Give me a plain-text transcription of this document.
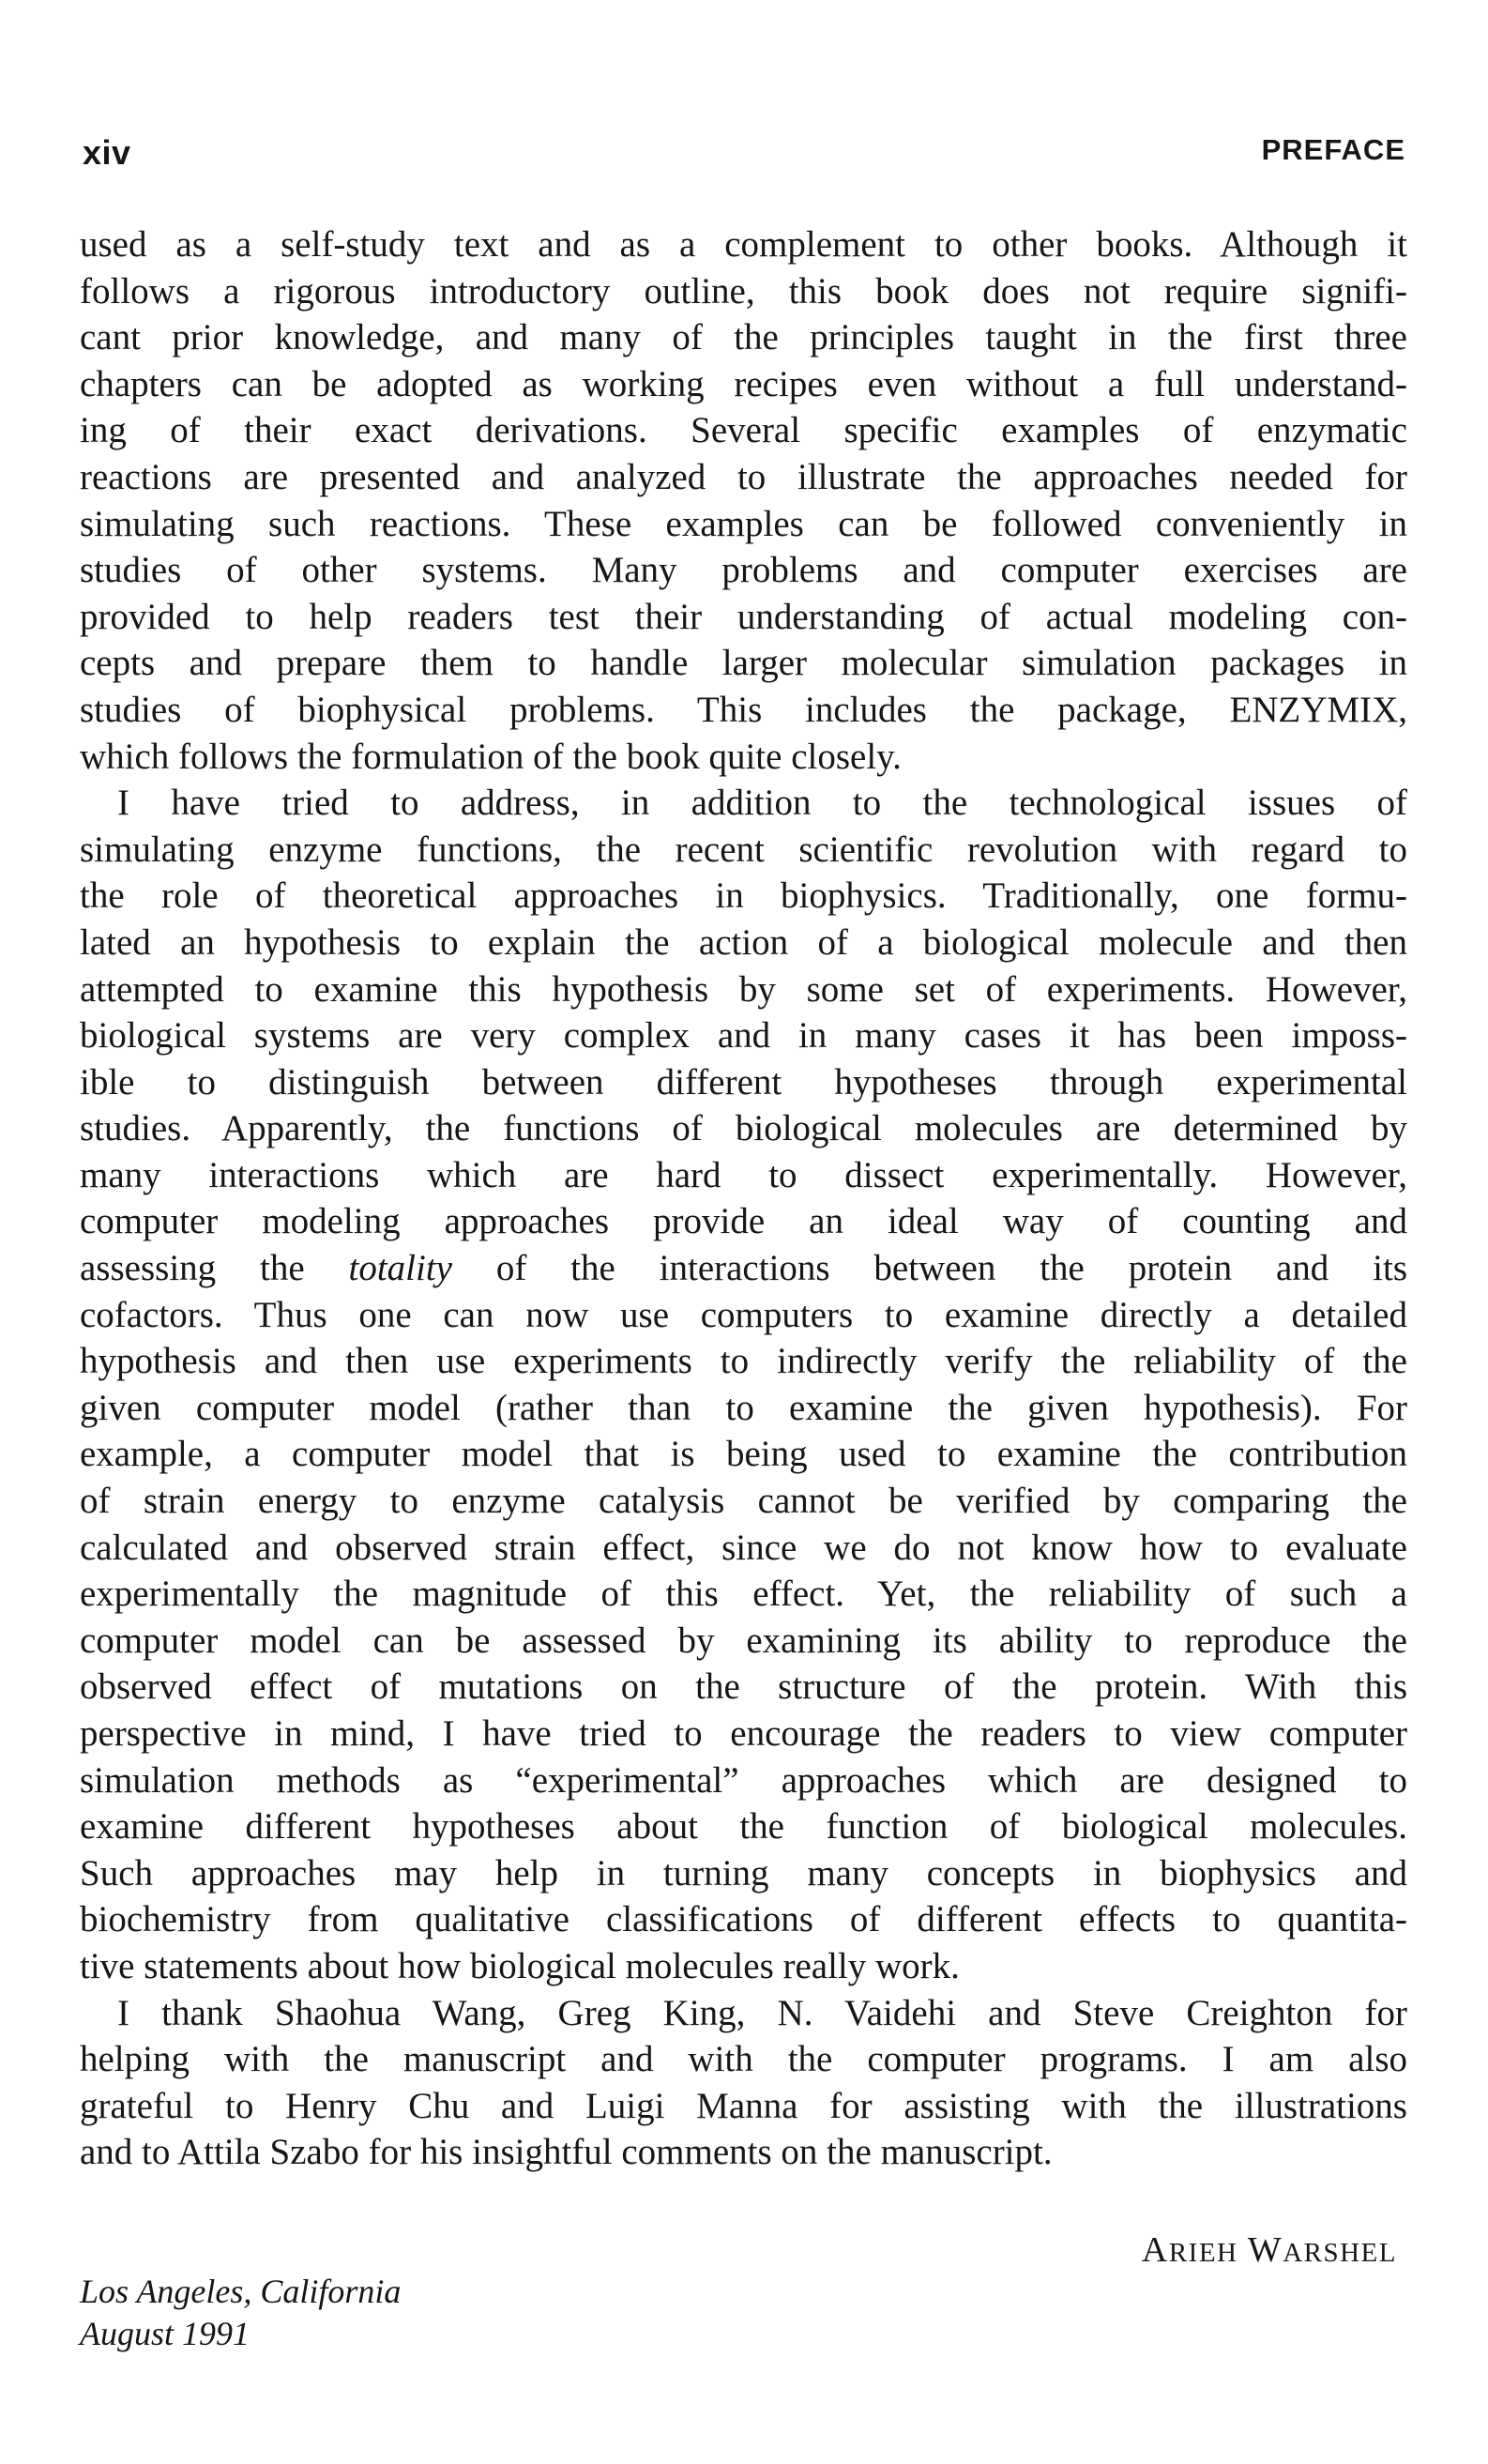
xiv	PREFACE
used as a self-study text and as a complement to other books. Although it
follows a rigorous introductory outline, this book does not require signifi-
cant prior knowledge, and many of the principles taught in the first three
chapters can be adopted as working recipes even without a full understand-
ing of their exact derivations. Several specific examples of enzymatic
reactions are presented and analyzed to illustrate the approaches needed for
simulating such reactions. These examples can be followed conveniently in
studies of other systems. Many problems and computer exercises are
provided to help readers test their understanding of actual modeling con-
cepts and prepare them to handle larger molecular simulation packages in
studies of biophysical problems. This includes the package, ENZYMIX,
which follows the formulation of the book quite closely.
I have tried to address, in addition to the technological issues of
simulating enzyme functions, the recent scientific revolution with regard to
the role of theoretical approaches in biophysics. Traditionally, one formu-
lated an hypothesis to explain the action of a biological molecule and then
attempted to examine this hypothesis by some set of experiments. However,
biological systems are very complex and in many cases it has been imposs-
ible to distinguish between different hypotheses through experimental
studies. Apparently, the functions of biological molecules are determined by
many interactions which are hard to dissect experimentally. However,
computer modeling approaches provide an ideal way of counting and
assessing the totality of the interactions between the protein and its
cofactors. Thus one can now use computers to examine directly a detailed
hypothesis and then use experiments to indirectly verify the reliability of the
given computer model (rather than to examine the given hypothesis). For
example, a computer model that is being used to examine the contribution
of strain energy to enzyme catalysis cannot be verified by comparing the
calculated and observed strain effect, since we do not know how to evaluate
experimentally the magnitude of this effect. Yet, the reliability of such a
computer model can be assessed by examining its ability to reproduce the
observed effect of mutations on the structure of the protein. With this
perspective in mind, I have tried to encourage the readers to view computer
simulation methods as “experimental” approaches which are designed to
examine different hypotheses about the function of biological molecules.
Such approaches may help in turning many concepts in biophysics and
biochemistry from qualitative classifications of different effects to quantita-
tive statements about how biological molecules really work.
I thank Shaohua Wang, Greg King, N. Vaidehi and Steve Creighton for
helping with the manuscript and with the computer programs. I am also
grateful to Henry Chu and Luigi Manna for assisting with the illustrations
and to Attila Szabo for his insightful comments on the manuscript.
ARIEH WARSHEL
Los Angeles, California
August 1991
